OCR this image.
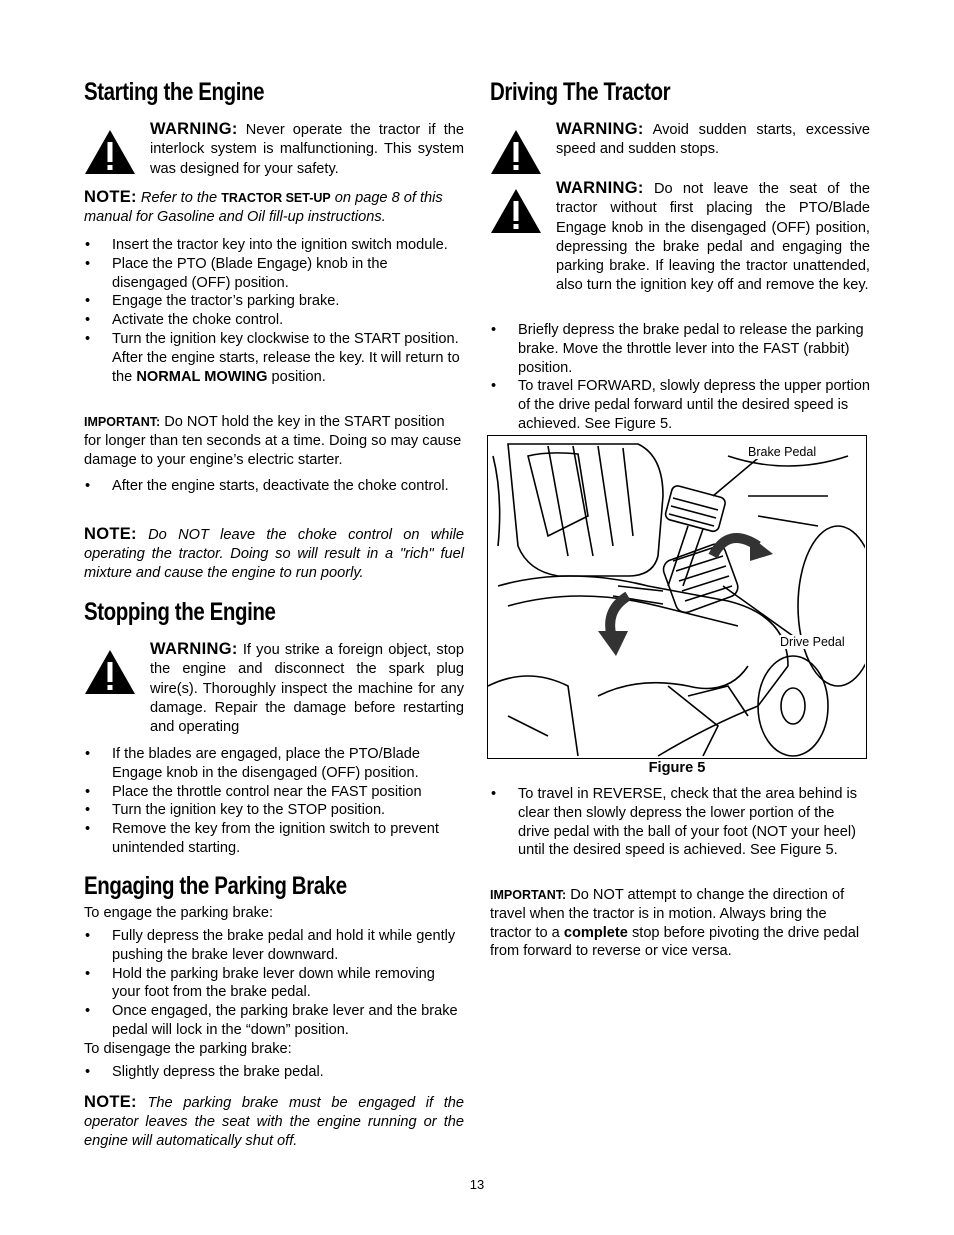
Starting the Engine
WARNING: Never operate the tractor if the interlock system is malfunctioning. This system was designed for your safety.
NOTE: Refer to the TRACTOR SET-UP on page 8 of this manual for Gasoline and Oil fill-up instructions.
• Insert the tractor key into the ignition switch module.
• Place the PTO (Blade Engage) knob in the disengaged (OFF) position.
• Engage the tractor’s parking brake.
• Activate the choke control.
• Turn the ignition key clockwise to the START position. After the engine starts, release the key. It will return to the NORMAL MOWING position.
IMPORTANT: Do NOT hold the key in the START position for longer than ten seconds at a time. Doing so may cause damage to your engine’s electric starter.
• After the engine starts, deactivate the choke control.
NOTE: Do NOT leave the choke control on while operating the tractor. Doing so will result in a "rich" fuel mixture and cause the engine to run poorly.
Stopping the Engine
WARNING: If you strike a foreign object, stop the engine and disconnect the spark plug wire(s). Thoroughly inspect the machine for any damage. Repair the damage before restarting and operating
• If the blades are engaged, place the PTO/Blade Engage knob in the disengaged (OFF) position.
• Place the throttle control near the FAST position
• Turn the ignition key to the STOP position.
• Remove the key from the ignition switch to prevent unintended starting.
Engaging the Parking Brake
To engage the parking brake:
• Fully depress the brake pedal and hold it while gently pushing the brake lever downward.
• Hold the parking brake lever down while removing your foot from the brake pedal.
• Once engaged, the parking brake lever and the brake pedal will lock in the “down” position.
To disengage the parking brake:
• Slightly depress the brake pedal.
NOTE: The parking brake must be engaged if the operator leaves the seat with the engine running or the engine will automatically shut off.
Driving The Tractor
WARNING: Avoid sudden starts, excessive speed and sudden stops.
WARNING: Do not leave the seat of the tractor without first placing the PTO/Blade Engage knob in the disengaged (OFF) position, depressing the brake pedal and engaging the parking brake. If leaving the tractor unattended, also turn the ignition key off and remove the key.
• Briefly depress the brake pedal to release the parking brake. Move the throttle lever into the FAST (rabbit) position.
• To travel FORWARD, slowly depress the upper portion of the drive pedal forward until the desired speed is achieved. See Figure 5.
• To travel in REVERSE, check that the area behind is clear then slowly depress the lower portion of the drive pedal with the ball of your foot (NOT your heel) until the desired speed is achieved. See Figure 5.
IMPORTANT: Do NOT attempt to change the direction of travel when the tractor is in motion. Always bring the tractor to a complete stop before pivoting the drive pedal from forward to reverse or vice versa.
Brake Pedal
Drive Pedal
Figure 5
13
